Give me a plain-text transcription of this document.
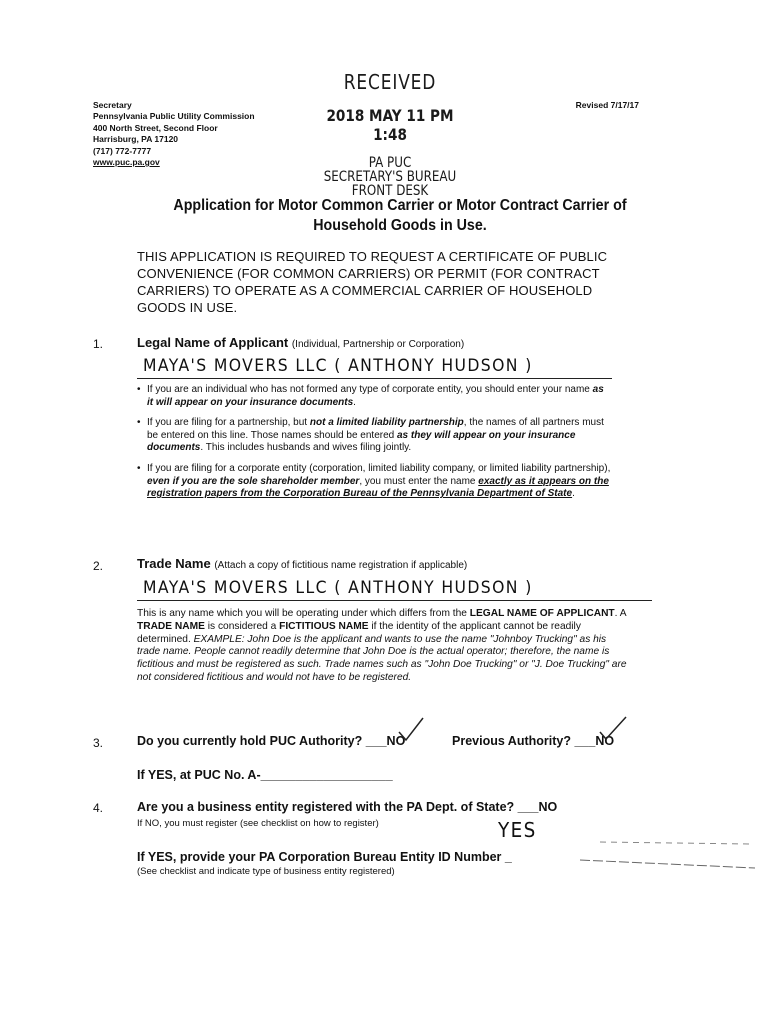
Secretary
Pennsylvania Public Utility Commission
400 North Street, Second Floor
Harrisburg, PA 17120
(717) 772-7777
www.puc.pa.gov
Revised 7/17/17
RECEIVED
2018 MAY 11 PM 1:48
PA PUC
SECRETARY'S BUREAU
FRONT DESK
Application for Motor Common Carrier or Motor Contract Carrier of
Household Goods in Use.
THIS APPLICATION IS REQUIRED TO REQUEST A CERTIFICATE OF PUBLIC CONVENIENCE (FOR COMMON CARRIERS) OR PERMIT (FOR CONTRACT CARRIERS) TO OPERATE AS A COMMERCIAL CARRIER OF HOUSEHOLD GOODS IN USE.
1.	Legal Name of Applicant (Individual, Partnership or Corporation)
MAYA'S MOVERS LLC ( ANTHONY HUDSON )
• If you are an individual who has not formed any type of corporate entity, you should enter your name as it will appear on your insurance documents.
• If you are filing for a partnership, but not a limited liability partnership, the names of all partners must be entered on this line. Those names should be entered as they will appear on your insurance documents. This includes husbands and wives filing jointly.
• If you are filing for a corporate entity (corporation, limited liability company, or limited liability partnership), even if you are the sole shareholder member, you must enter the name exactly as it appears on the registration papers from the Corporation Bureau of the Pennsylvania Department of State.
2.	Trade Name (Attach a copy of fictitious name registration if applicable)
MAYA'S MOVERS LLC ( ANTHONY HUDSON )
This is any name which you will be operating under which differs from the LEGAL NAME OF APPLICANT. A TRADE NAME is considered a FICTITIOUS NAME if the identity of the applicant cannot be readily determined. EXAMPLE: John Doe is the applicant and wants to use the name "Johnboy Trucking" as his trade name. People cannot readily determine that John Doe is the actual operator; therefore, the name is fictitious and must be registered as such. Trade names such as "John Doe Trucking" or "J. Doe Trucking" are not considered fictitious and would not have to be registered.
3.	Do you currently hold PUC Authority? ___NO	Previous Authority? ___NO
If YES, at PUC No. A-___________________
4.	Are you a business entity registered with the PA Dept. of State? ___NO
If NO, you must register (see checklist on how to register)	YES
If YES, provide your PA Corporation Bureau Entity ID Number _
(See checklist and indicate type of business entity registered)
